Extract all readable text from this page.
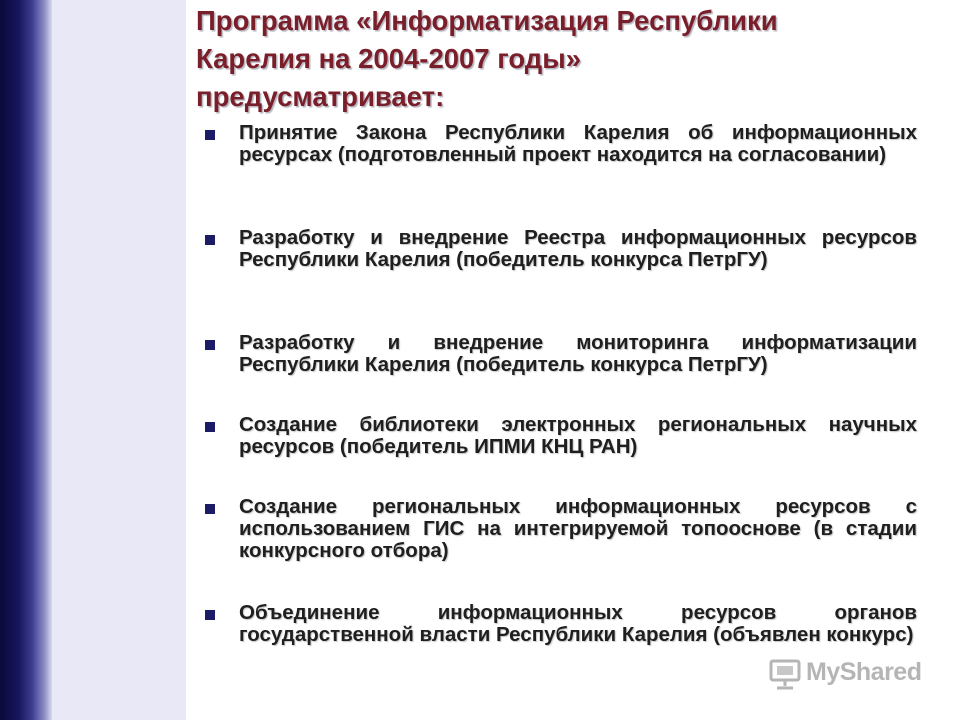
Программа «Информатизация Республики
Карелия на 2004-2007 годы»
предусматривает:
Принятие Закона Республики Карелия об информационных ресурсах (подготовленный проект находится на согласовании)
Разработку и внедрение Реестра информационных ресурсов Республики Карелия (победитель конкурса ПетрГУ)
Разработку и внедрение мониторинга информатизации Республики Карелия (победитель конкурса ПетрГУ)
Создание библиотеки электронных региональных научных ресурсов (победитель ИПМИ КНЦ РАН)
Создание региональных информационных ресурсов с использованием ГИС на интегрируемой топооснове (в стадии конкурсного отбора)
Объединение информационных ресурсов органов государственной власти Республики Карелия (объявлен конкурс)
MyShared
